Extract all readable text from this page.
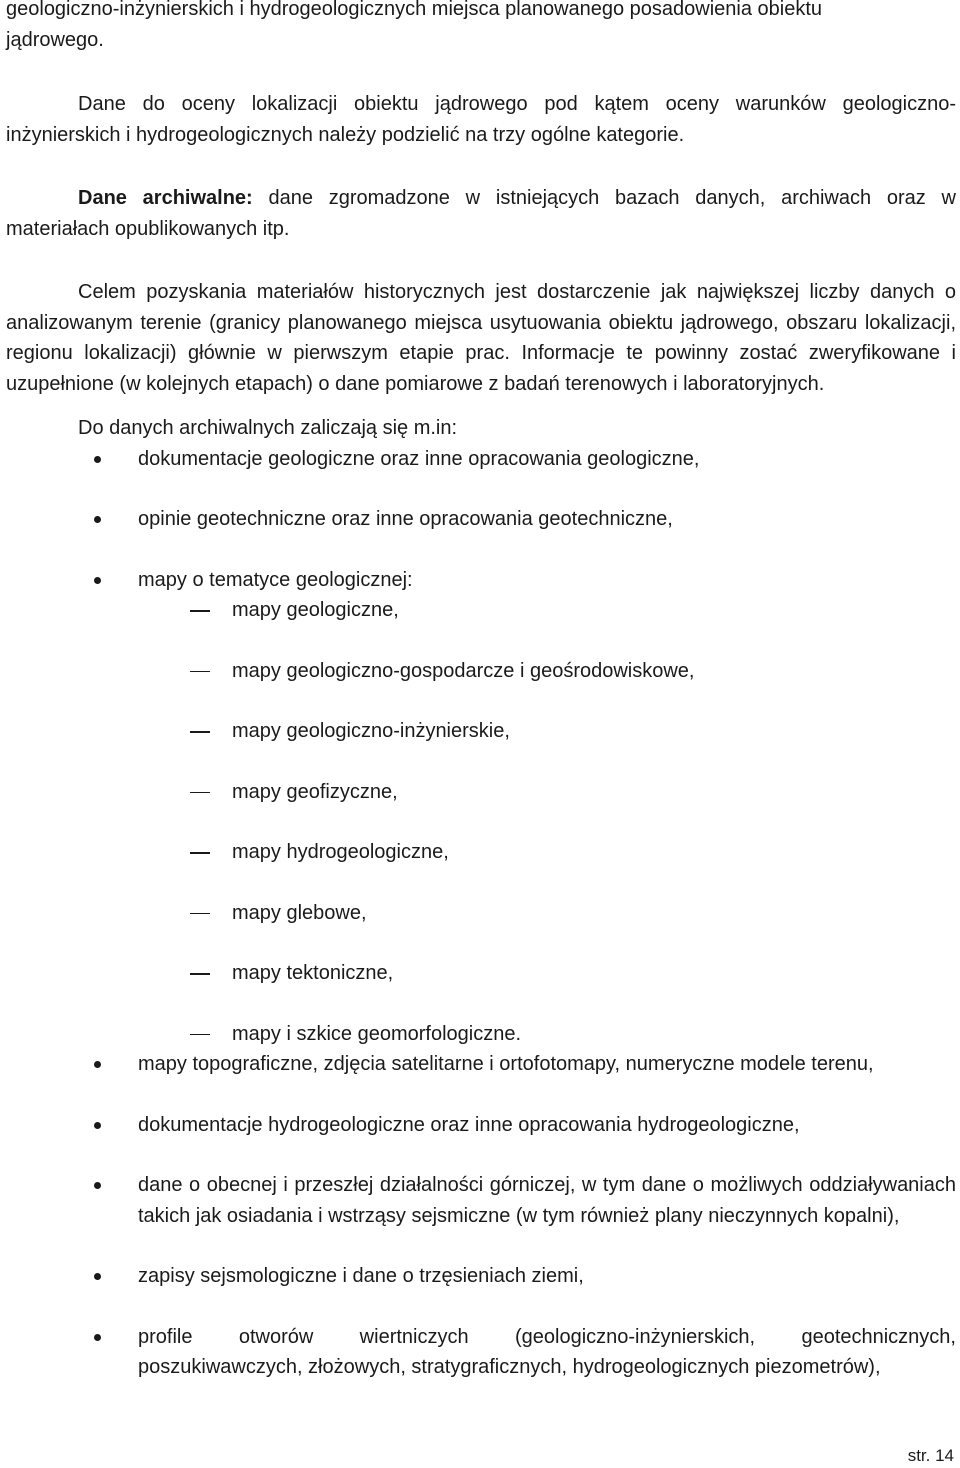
geologiczno-inżynierskich i hydrogeologicznych miejsca planowanego posadowienia obiektu
jądrowego.

Dane do oceny lokalizacji obiektu jądrowego pod kątem oceny warunków geologiczno-inżynierskich i hydrogeologicznych należy podzielić na trzy ogólne kategorie.

Dane archiwalne: dane zgromadzone w istniejących bazach danych, archiwach oraz w materiałach opublikowanych itp.

Celem pozyskania materiałów historycznych jest dostarczenie jak największej liczby danych o analizowanym terenie (granicy planowanego miejsca usytuowania obiektu jądrowego, obszaru lokalizacji, regionu lokalizacji) głównie w pierwszym etapie prac. Informacje te powinny zostać zweryfikowane i uzupełnione (w kolejnych etapach) o dane pomiarowe z badań terenowych i laboratoryjnych.

Do danych archiwalnych zaliczają się m.in:

dokumentacje geologiczne oraz inne opracowania geologiczne,
opinie geotechniczne oraz inne opracowania geotechniczne,
mapy o tematyce geologicznej:
mapy geologiczne,
mapy geologiczno-gospodarcze i geośrodowiskowe,
mapy geologiczno-inżynierskie,
mapy geofizyczne,
mapy hydrogeologiczne,
mapy glebowe,
mapy tektoniczne,
mapy i szkice geomorfologiczne.
mapy topograficzne, zdjęcia satelitarne i ortofotomapy, numeryczne modele terenu,
dokumentacje hydrogeologiczne oraz inne opracowania hydrogeologiczne,
dane o obecnej i przeszłej działalności górniczej, w tym dane o możliwych oddziaływaniach takich jak osiadania i wstrząsy sejsmiczne (w tym również plany nieczynnych kopalni),
zapisy sejsmologiczne i dane o trzęsieniach ziemi,
profile otworów wiertniczych (geologiczno-inżynierskich, geotechnicznych, poszukiwawczych, złożowych, stratygraficznych, hydrogeologicznych piezometrów),
str. 14
